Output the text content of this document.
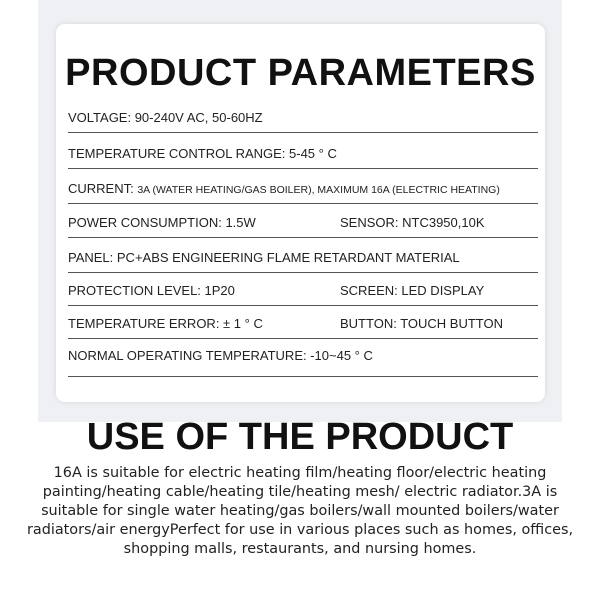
PRODUCT PARAMETERS
VOLTAGE: 90-240V AC, 50-60HZ
TEMPERATURE CONTROL RANGE: 5-45 ° C
CURRENT: 3A (WATER HEATING/GAS BOILER), MAXIMUM 16A (ELECTRIC HEATING)
POWER CONSUMPTION: 1.5W	SENSOR: NTC3950,10K
PANEL: PC+ABS ENGINEERING FLAME RETARDANT MATERIAL
PROTECTION LEVEL: 1P20	SCREEN: LED DISPLAY
TEMPERATURE ERROR: ± 1 ° C	BUTTON: TOUCH BUTTON
NORMAL OPERATING TEMPERATURE: -10~45 ° C
USE OF THE PRODUCT

16A is suitable for electric heating film/heating floor/electric heating painting/heating cable/heating tile/heating mesh/ electric radiator.3A is suitable for single water heating/gas boilers/wall mounted boilers/water radiators/air energyPerfect for use in various places such as homes, offices, shopping malls, restaurants, and nursing homes.
